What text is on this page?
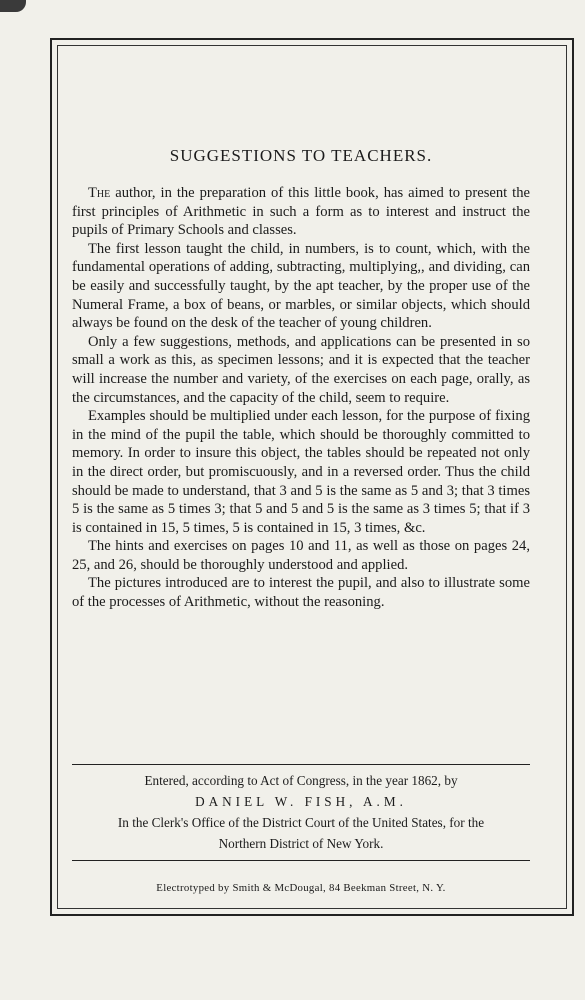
SUGGESTIONS TO TEACHERS.

The author, in the preparation of this little book, has aimed to present the first principles of Arithmetic in such a form as to interest and instruct the pupils of Primary Schools and classes.

The first lesson taught the child, in numbers, is to count, which, with the fundamental operations of adding, subtracting, multiplying,, and dividing, can be easily and successfully taught, by the apt teacher, by the proper use of the Numeral Frame, a box of beans, or marbles, or similar objects, which should always be found on the desk of the teacher of young children.

Only a few suggestions, methods, and applications can be presented in so small a work as this, as specimen lessons; and it is expected that the teacher will increase the number and variety, of the exercises on each page, orally, as the circumstances, and the capacity of the child, seem to require.

Examples should be multiplied under each lesson, for the purpose of fixing in the mind of the pupil the table, which should be thoroughly committed to memory. In order to insure this object, the tables should be repeated not only in the direct order, but promiscuously, and in a reversed order. Thus the child should be made to understand, that 3 and 5 is the same as 5 and 3; that 3 times 5 is the same as 5 times 3; that 5 and 5 and 5 is the same as 3 times 5; that if 3 is contained in 15, 5 times, 5 is contained in 15, 3 times, &c.

The hints and exercises on pages 10 and 11, as well as those on pages 24, 25, and 26, should be thoroughly understood and applied.

The pictures introduced are to interest the pupil, and also to illustrate some of the processes of Arithmetic, without the reasoning.

Entered, according to Act of Congress, in the year 1862, by
DANIEL W. FISH, A.M.
In the Clerk's Office of the District Court of the United States, for the
Northern District of New York.
Electrotyped by Smith & McDougal, 84 Beekman Street, N. Y.
